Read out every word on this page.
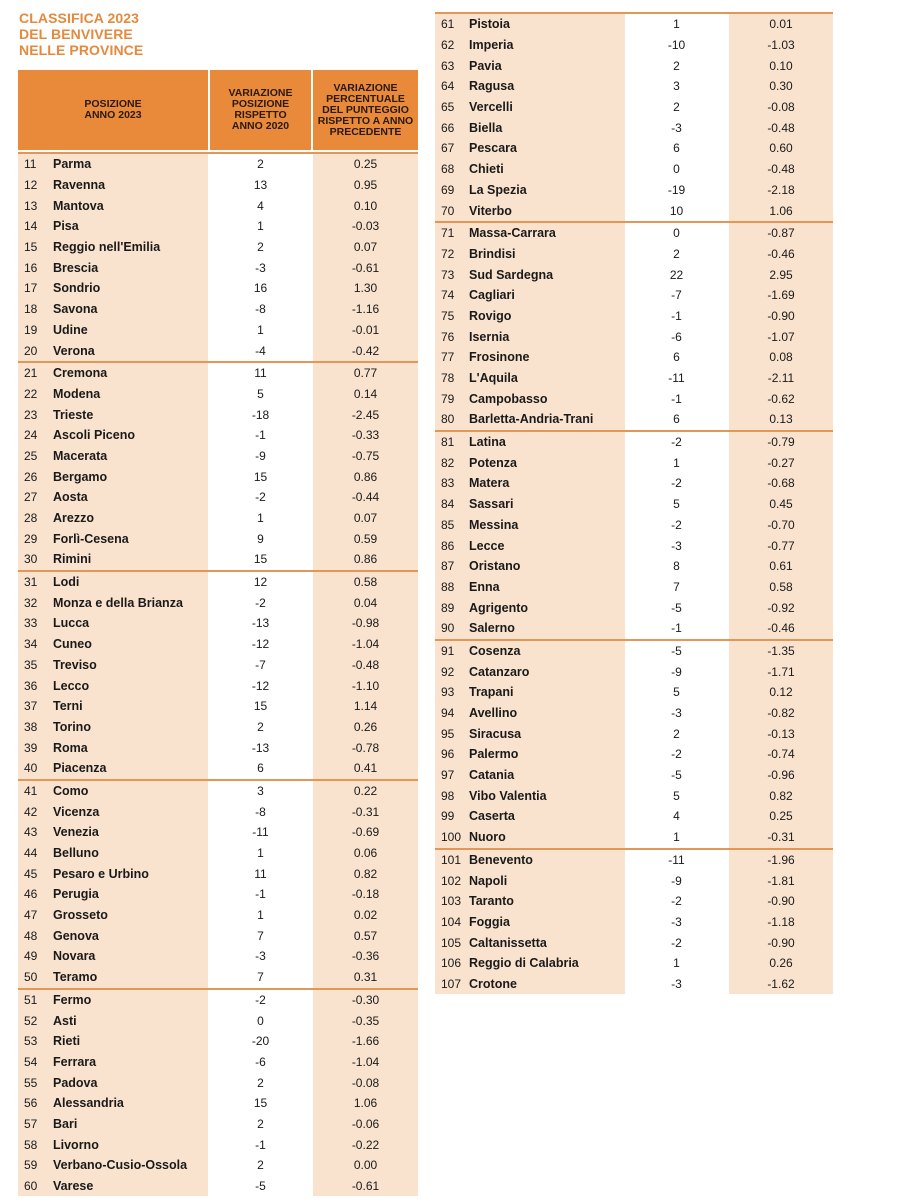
CLASSIFICA 2023
DEL BENVIVERE
NELLE PROVINCE
POSIZIONE
ANNO 2023
VARIAZIONE
POSIZIONE
RISPETTO
ANNO 2020
VARIAZIONE
PERCENTUALE
DEL PUNTEGGIO
RISPETTO A ANNO
PRECEDENTE
11	Parma	2	0.25
12	Ravenna	13	0.95
13	Mantova	4	0.10
14	Pisa	1	-0.03
15	Reggio nell'Emilia	2	0.07
16	Brescia	-3	-0.61
17	Sondrio	16	1.30
18	Savona	-8	-1.16
19	Udine	1	-0.01
20	Verona	-4	-0.42
21	Cremona	11	0.77
22	Modena	5	0.14
23	Trieste	-18	-2.45
24	Ascoli Piceno	-1	-0.33
25	Macerata	-9	-0.75
26	Bergamo	15	0.86
27	Aosta	-2	-0.44
28	Arezzo	1	0.07
29	Forlì-Cesena	9	0.59
30	Rimini	15	0.86
31	Lodi	12	0.58
32	Monza e della Brianza	-2	0.04
33	Lucca	-13	-0.98
34	Cuneo	-12	-1.04
35	Treviso	-7	-0.48
36	Lecco	-12	-1.10
37	Terni	15	1.14
38	Torino	2	0.26
39	Roma	-13	-0.78
40	Piacenza	6	0.41
41	Como	3	0.22
42	Vicenza	-8	-0.31
43	Venezia	-11	-0.69
44	Belluno	1	0.06
45	Pesaro e Urbino	11	0.82
46	Perugia	-1	-0.18
47	Grosseto	1	0.02
48	Genova	7	0.57
49	Novara	-3	-0.36
50	Teramo	7	0.31
51	Fermo	-2	-0.30
52	Asti	0	-0.35
53	Rieti	-20	-1.66
54	Ferrara	-6	-1.04
55	Padova	2	-0.08
56	Alessandria	15	1.06
57	Bari	2	-0.06
58	Livorno	-1	-0.22
59	Verbano-Cusio-Ossola	2	0.00
60	Varese	-5	-0.61
61	Pistoia	1	0.01
62	Imperia	-10	-1.03
63	Pavia	2	0.10
64	Ragusa	3	0.30
65	Vercelli	2	-0.08
66	Biella	-3	-0.48
67	Pescara	6	0.60
68	Chieti	0	-0.48
69	La Spezia	-19	-2.18
70	Viterbo	10	1.06
71	Massa-Carrara	0	-0.87
72	Brindisi	2	-0.46
73	Sud Sardegna	22	2.95
74	Cagliari	-7	-1.69
75	Rovigo	-1	-0.90
76	Isernia	-6	-1.07
77	Frosinone	6	0.08
78	L'Aquila	-11	-2.11
79	Campobasso	-1	-0.62
80	Barletta-Andria-Trani	6	0.13
81	Latina	-2	-0.79
82	Potenza	1	-0.27
83	Matera	-2	-0.68
84	Sassari	5	0.45
85	Messina	-2	-0.70
86	Lecce	-3	-0.77
87	Oristano	8	0.61
88	Enna	7	0.58
89	Agrigento	-5	-0.92
90	Salerno	-1	-0.46
91	Cosenza	-5	-1.35
92	Catanzaro	-9	-1.71
93	Trapani	5	0.12
94	Avellino	-3	-0.82
95	Siracusa	2	-0.13
96	Palermo	-2	-0.74
97	Catania	-5	-0.96
98	Vibo Valentia	5	0.82
99	Caserta	4	0.25
100 Nuoro	1	-0.31
101 Benevento	-11	-1.96
102 Napoli	-9	-1.81
103 Taranto	-2	-0.90
104 Foggia	-3	-1.18
105 Caltanissetta	-2	-0.90
106 Reggio di Calabria	1	0.26
107 Crotone	-3	-1.62
